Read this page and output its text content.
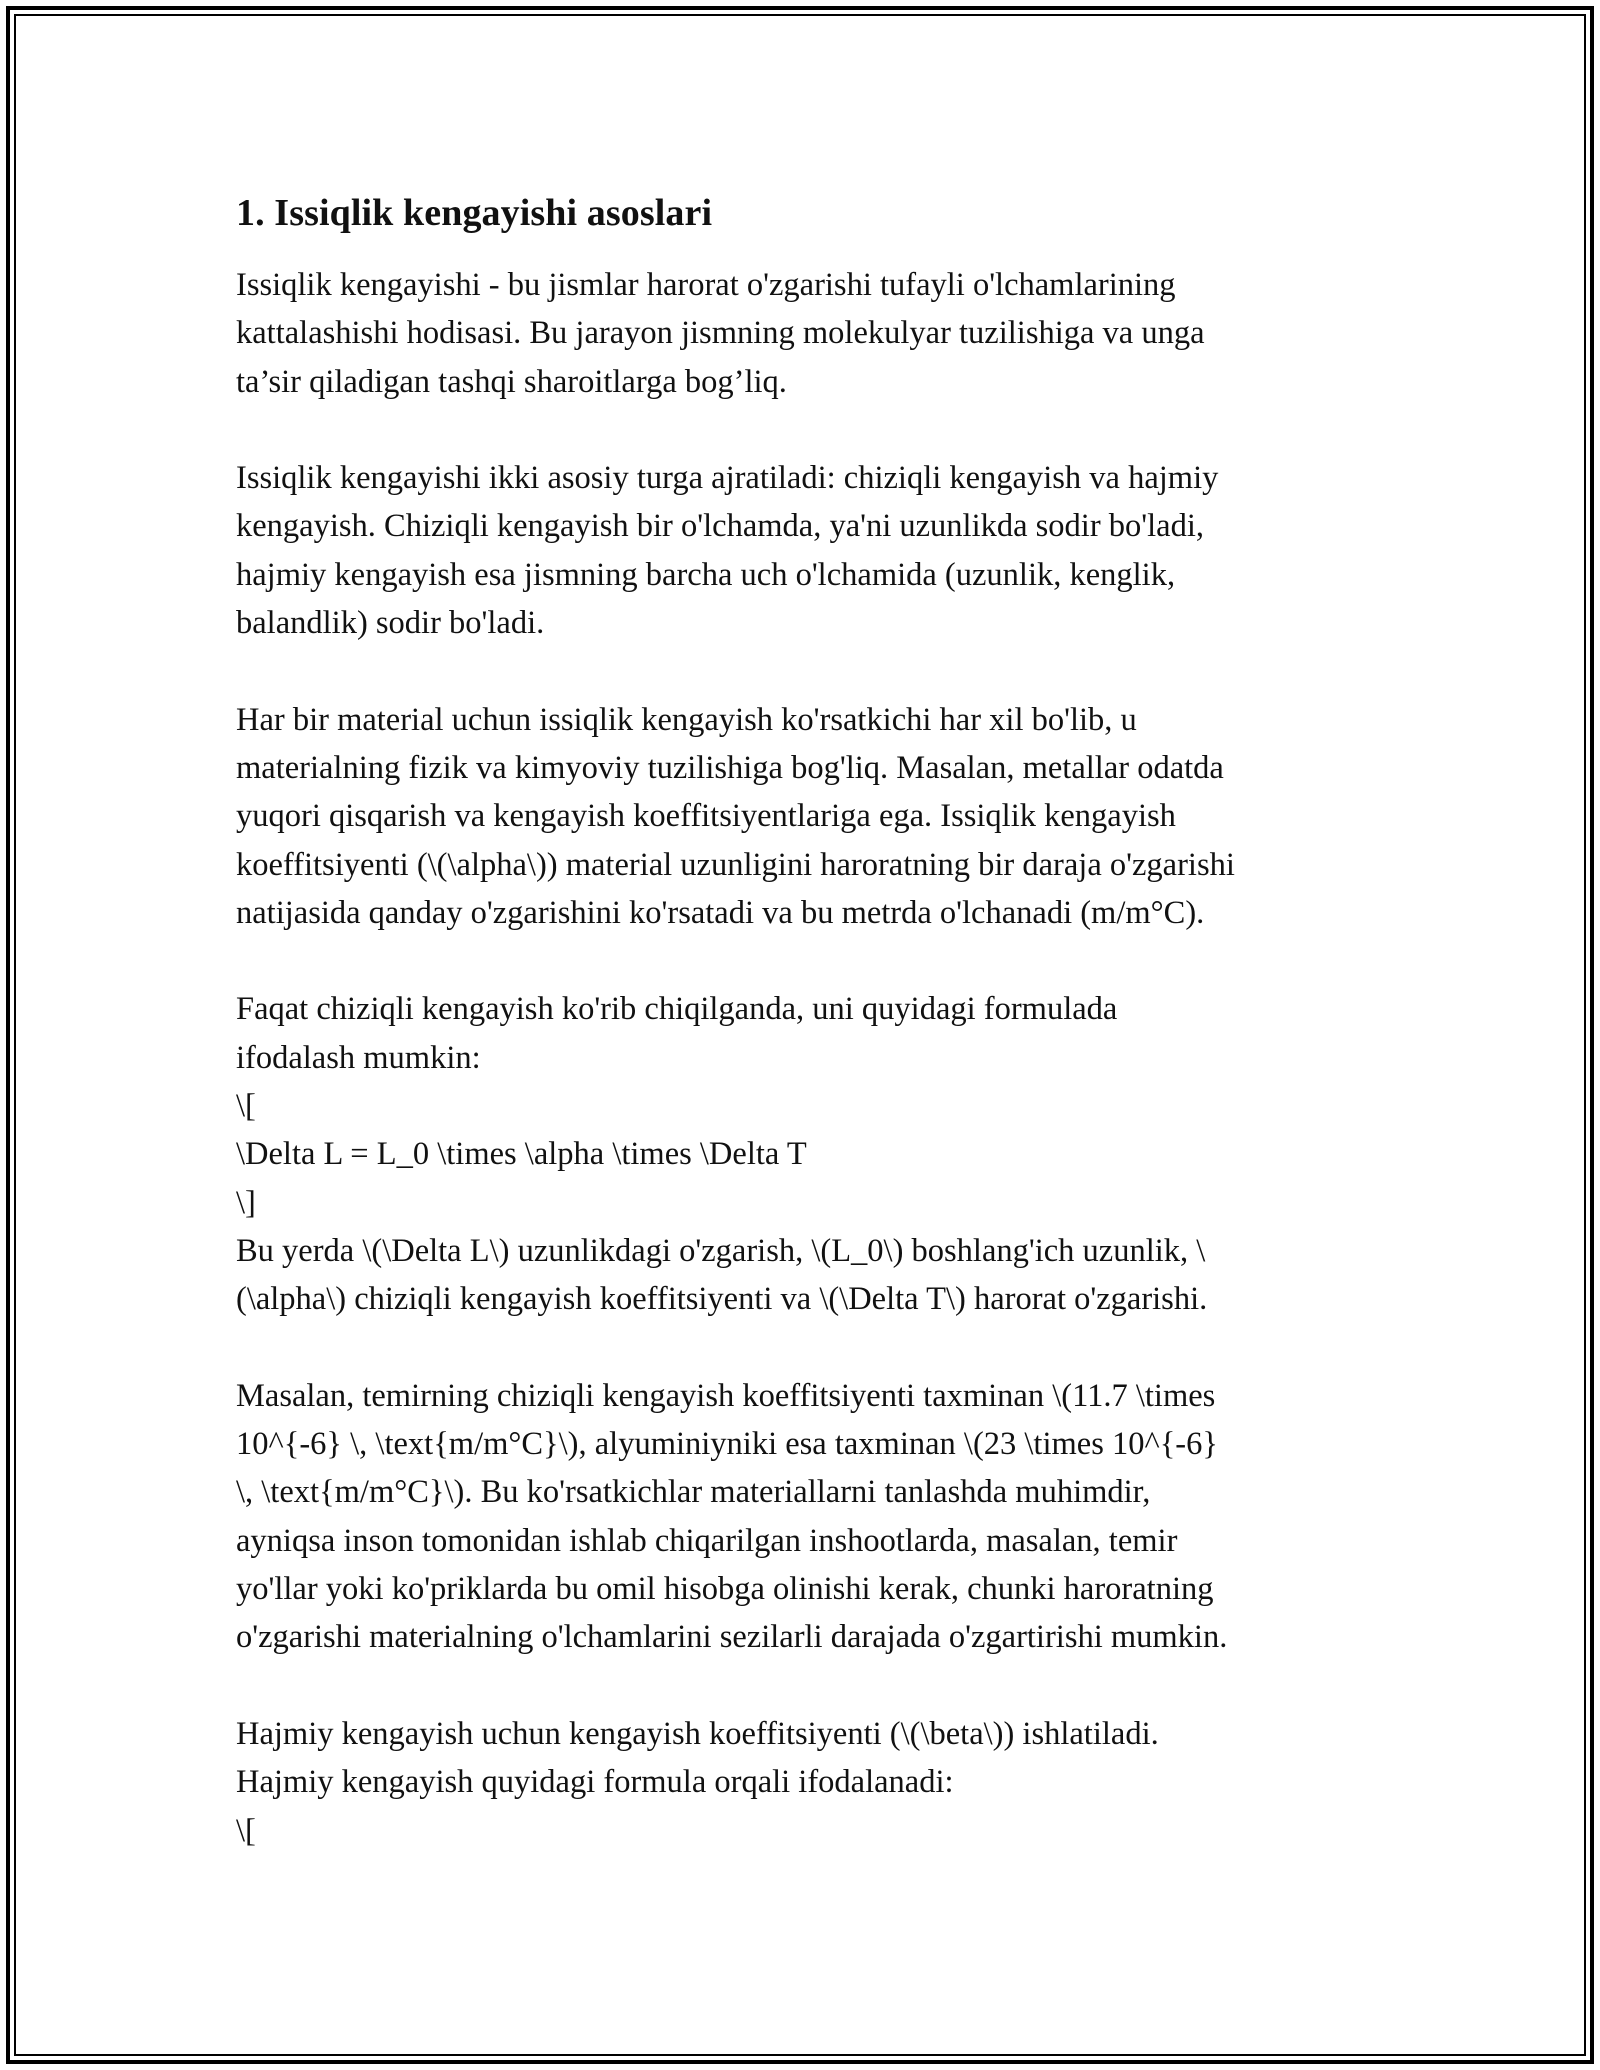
1. Issiqlik kengayishi asoslari

Issiqlik kengayishi - bu jismlar harorat o'zgarishi tufayli o'lchamlarining
kattalashishi hodisasi. Bu jarayon jismning molekulyar tuzilishiga va unga
ta’sir qiladigan tashqi sharoitlarga bog’liq.

Issiqlik kengayishi ikki asosiy turga ajratiladi: chiziqli kengayish va hajmiy
kengayish. Chiziqli kengayish bir o'lchamda, ya'ni uzunlikda sodir bo'ladi,
hajmiy kengayish esa jismning barcha uch o'lchamida (uzunlik, kenglik,
balandlik) sodir bo'ladi.

Har bir material uchun issiqlik kengayish ko'rsatkichi har xil bo'lib, u
materialning fizik va kimyoviy tuzilishiga bog'liq. Masalan, metallar odatda
yuqori qisqarish va kengayish koeffitsiyentlariga ega. Issiqlik kengayish
koeffitsiyenti (\(\alpha\)) material uzunligini haroratning bir daraja o'zgarishi
natijasida qanday o'zgarishini ko'rsatadi va bu metrda o'lchanadi (m/m°C).

Faqat chiziqli kengayish ko'rib chiqilganda, uni quyidagi formulada
ifodalash mumkin:
\[
\Delta L = L_0 \times \alpha \times \Delta T
\]
Bu yerda \(\Delta L\) uzunlikdagi o'zgarish, \(L_0\) boshlang'ich uzunlik, \
(\alpha\) chiziqli kengayish koeffitsiyenti va \(\Delta T\) harorat o'zgarishi.

Masalan, temirning chiziqli kengayish koeffitsiyenti taxminan \(11.7 \times
10^{-6} \, \text{m/m°C}\), alyuminiyniki esa taxminan \(23 \times 10^{-6}
\, \text{m/m°C}\). Bu ko'rsatkichlar materiallarni tanlashda muhimdir,
ayniqsa inson tomonidan ishlab chiqarilgan inshootlarda, masalan, temir
yo'llar yoki ko'priklarda bu omil hisobga olinishi kerak, chunki haroratning
o'zgarishi materialning o'lchamlarini sezilarli darajada o'zgartirishi mumkin.

Hajmiy kengayish uchun kengayish koeffitsiyenti (\(\beta\)) ishlatiladi.
Hajmiy kengayish quyidagi formula orqali ifodalanadi:
\[
